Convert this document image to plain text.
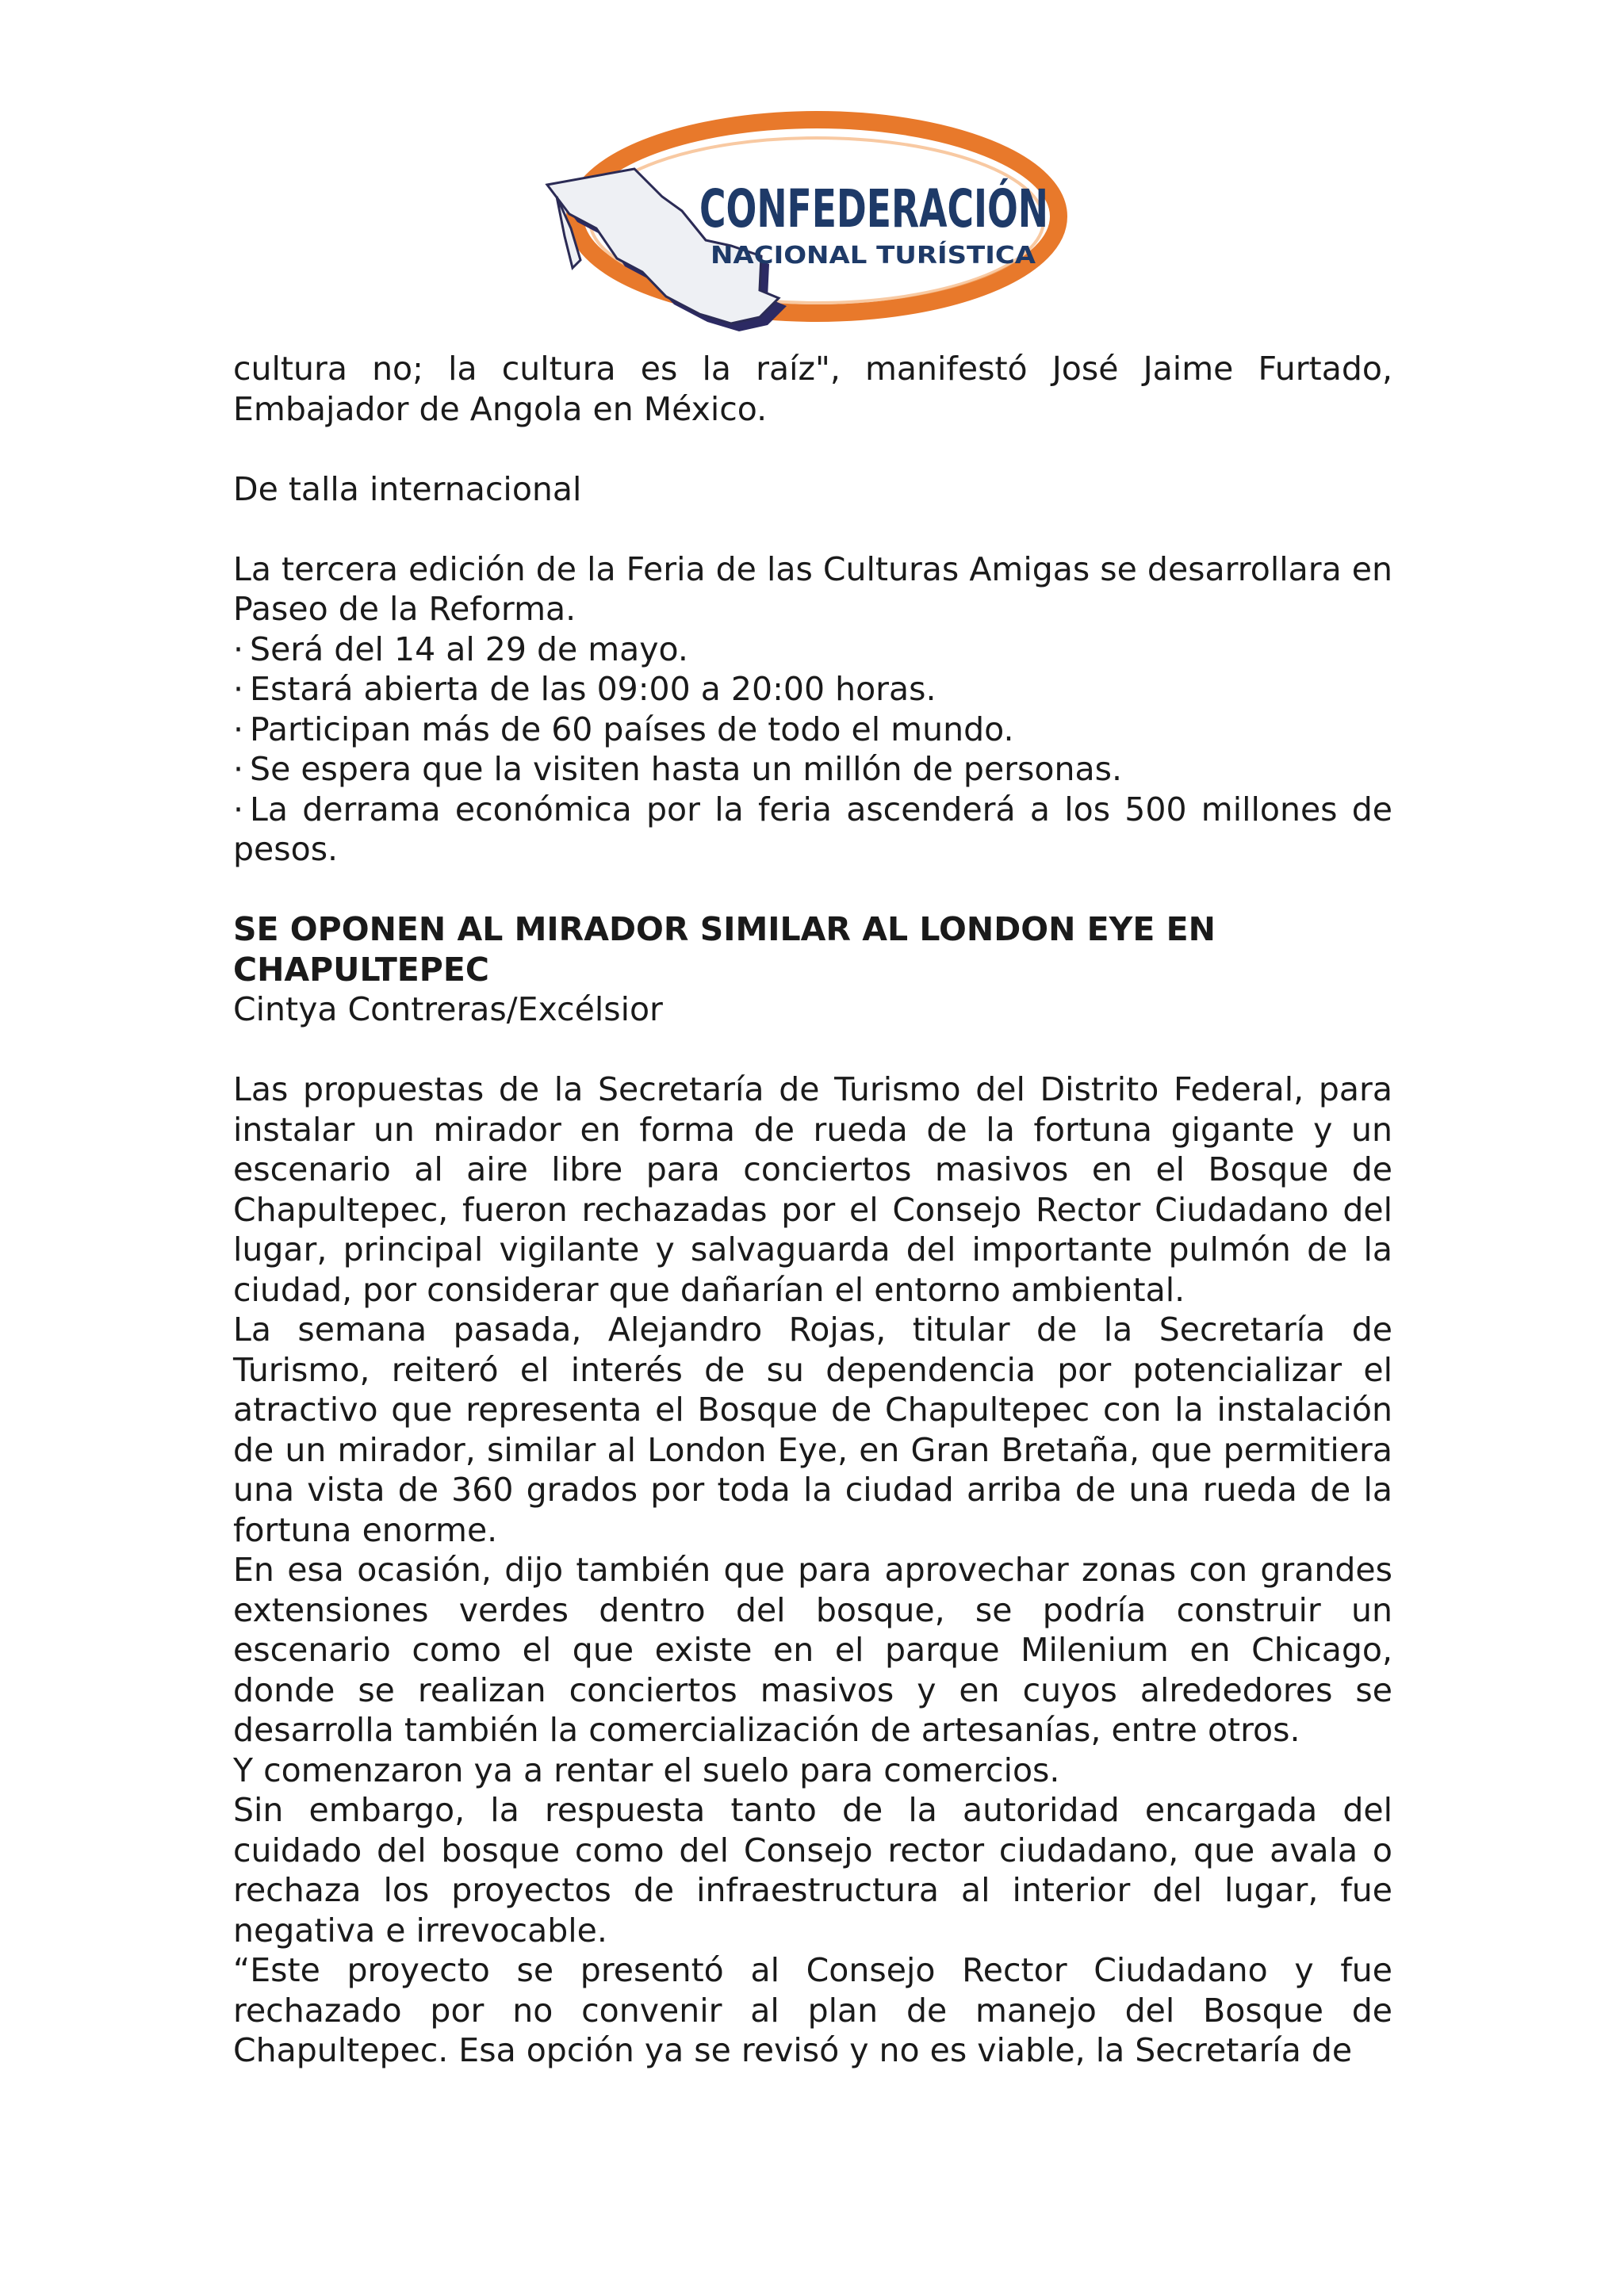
CONFEDERACIÓN
NACIONAL TURÍSTICA

cultura no; la cultura es la raíz", manifestó José Jaime Furtado, Embajador de Angola en México.

De talla internacional

La tercera edición de la Feria de las Culturas Amigas se desarrollara en Paseo de la Reforma.

· Será del 14 al 29 de mayo.
· Estará abierta de las 09:00 a 20:00 horas.
· Participan más de 60 países de todo el mundo.
· Se espera que la visiten hasta un millón de personas.
· La derrama económica por la feria ascenderá a los 500 millones de pesos.
SE OPONEN AL MIRADOR SIMILAR AL LONDON EYE EN CHAPULTEPEC

Cintya Contreras/Excélsior

Las propuestas de la Secretaría de Turismo del Distrito Federal, para instalar un mirador en forma de rueda de la fortuna gigante y un escenario al aire libre para conciertos masivos en el Bosque de Chapultepec, fueron rechazadas por el Consejo Rector Ciudadano del lugar, principal vigilante y salvaguarda del importante pulmón de la ciudad, por considerar que dañarían el entorno ambiental.

La semana pasada, Alejandro Rojas, titular de la Secretaría de Turismo, reiteró el interés de su dependencia por potencializar el atractivo que representa el Bosque de Chapultepec con la instalación de un mirador, similar al London Eye, en Gran Bretaña, que permitiera una vista de 360 grados por toda la ciudad arriba de una rueda de la fortuna enorme.

En esa ocasión, dijo también que para aprovechar zonas con grandes extensiones verdes dentro del bosque, se podría construir un escenario como el que existe en el parque Milenium en Chicago, donde se realizan conciertos masivos y en cuyos alrededores se desarrolla también la comercialización de artesanías, entre otros.

Y comenzaron ya a rentar el suelo para comercios.

Sin embargo, la respuesta tanto de la autoridad encargada del cuidado del bosque como del Consejo rector ciudadano, que avala o rechaza los proyectos de infraestructura al interior del lugar, fue negativa e irrevocable.

“Este proyecto se presentó al Consejo Rector Ciudadano y fue rechazado por no convenir al plan de manejo del Bosque de Chapultepec. Esa opción ya se revisó y no es viable, la Secretaría de
